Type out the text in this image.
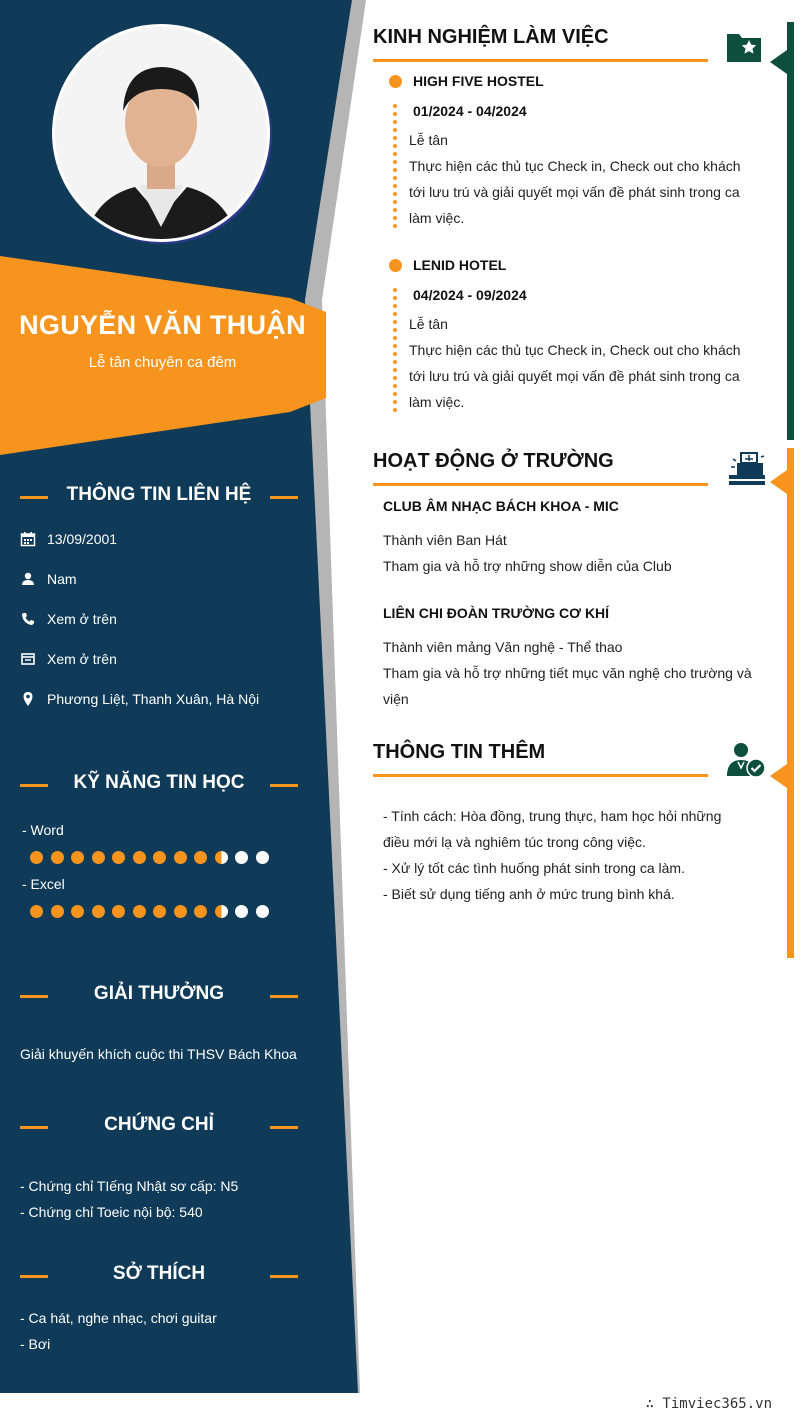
NGUYỄN VĂN THUẬN
Lễ tân chuyên ca đêm
THÔNG TIN LIÊN HỆ
13/09/2001
Nam
Xem ở trên
Xem ở trên
Phương Liệt, Thanh Xuân, Hà Nội
KỸ NĂNG TIN HỌC
- Word
- Excel
GIẢI THƯỞNG
Giải khuyến khích cuộc thi THSV Bách Khoa
CHỨNG CHỈ
- Chứng chỉ TIếng Nhật sơ cấp: N5
- Chứng chỉ Toeic nội bộ: 540
SỞ THÍCH
- Ca hát, nghe nhạc, chơi guitar
- Bơi
KINH NGHIỆM LÀM VIỆC
HIGH FIVE HOSTEL
01/2024 - 04/2024

Lễ tân

Thực hiện các thủ tục Check in, Check out cho khách tới lưu trú và giải quyết mọi vấn đề phát sinh trong ca làm việc.

LENID HOTEL
04/2024 - 09/2024

Lễ tân

Thực hiện các thủ tục Check in, Check out cho khách tới lưu trú và giải quyết mọi vấn đề phát sinh trong ca làm việc.

HOẠT ĐỘNG Ở TRƯỜNG
CLUB ÂM NHẠC BÁCH KHOA - MIC

Thành viên Ban Hát

Tham gia và hỗ trợ những show diễn của Club

LIÊN CHI ĐOÀN TRƯỜNG CƠ KHÍ

Thành viên mảng Văn nghệ - Thể thao

Tham gia và hỗ trợ những tiết mục văn nghệ cho trường và viện

THÔNG TIN THÊM

- Tính cách: Hòa đồng, trung thực, ham học hỏi những điều mới lạ và nghiêm túc trong công việc.

- Xử lý tốt các tình huống phát sinh trong ca làm.

- Biết sử dụng tiếng anh ở mức trung bình khá.

∴ Timviec365.vn
